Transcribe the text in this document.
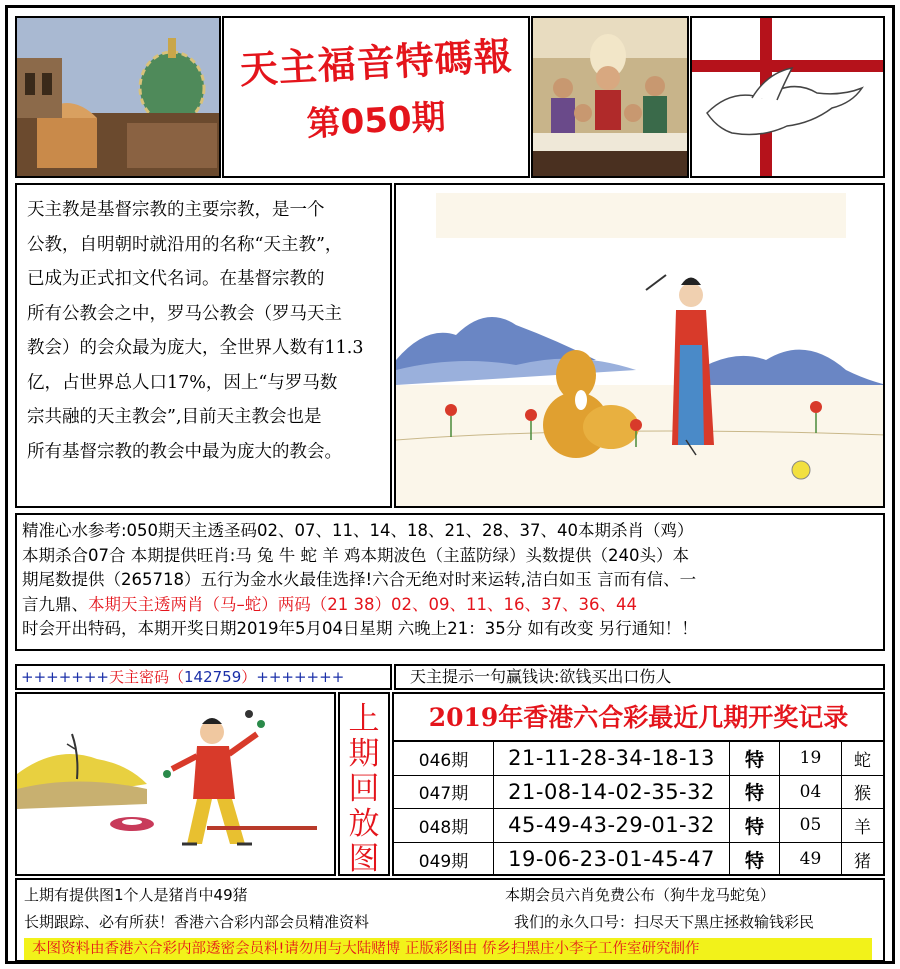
天主福音特碼報
第050期
天主教是基督宗教的主要宗教，是一个
公教，自明朝时就沿用的名称“天主教”，
已成为正式扣文代名词。在基督宗教的
所有公教会之中，罗马公教会（罗马天主
教会）的会众最为庞大，全世界人数有11.3
亿，占世界总人口17%，因上“与罗马数
宗共融的天主教会”,目前天主教会也是
所有基督宗教的教会中最为庞大的教会。
精准心水参考:050期天主透圣码02、07、11、14、18、21、28、37、40本期杀肖（鸡）
本期杀合07合 本期提供旺肖:马 兔 牛 蛇 羊 鸡本期波色（主蓝防绿）头数提供（240头）本
期尾数提供（265718）五行为金水火最佳选择!六合无绝对时来运转,洁白如玉 言而有信、一
言九鼎、本期天主透两肖（马–蛇）两码（21 38）02、09、11、16、37、36、44
时会开出特码，本期开奖日期2019年5月04日星期 六晚上21：35分 如有改变 另行通知！！
+++++++天主密码（142759）+++++++	天主提示一句赢钱诀:欲钱买出口伤人
上
期
回
放
图
2019年香港六合彩最近几期开奖记录
046期	21-11-28-34-18-13	特	19	蛇
047期	21-08-14-02-35-32	特	04	猴
048期	45-49-43-29-01-32	特	05	羊
049期	19-06-23-01-45-47	特	49	猪
上期有提供图1个人是猪肖中49猪	本期会员六肖免费公布（狗牛龙马蛇兔）
长期跟踪、必有所获！香港六合彩内部会员精准资料	我们的永久口号：扫尽天下黑庄拯救输钱彩民
本图资料由香港六合彩内部透密会员料!请勿用与大陆赌博 正版彩图由 侨乡扫黑庄小李子工作室研究制作
